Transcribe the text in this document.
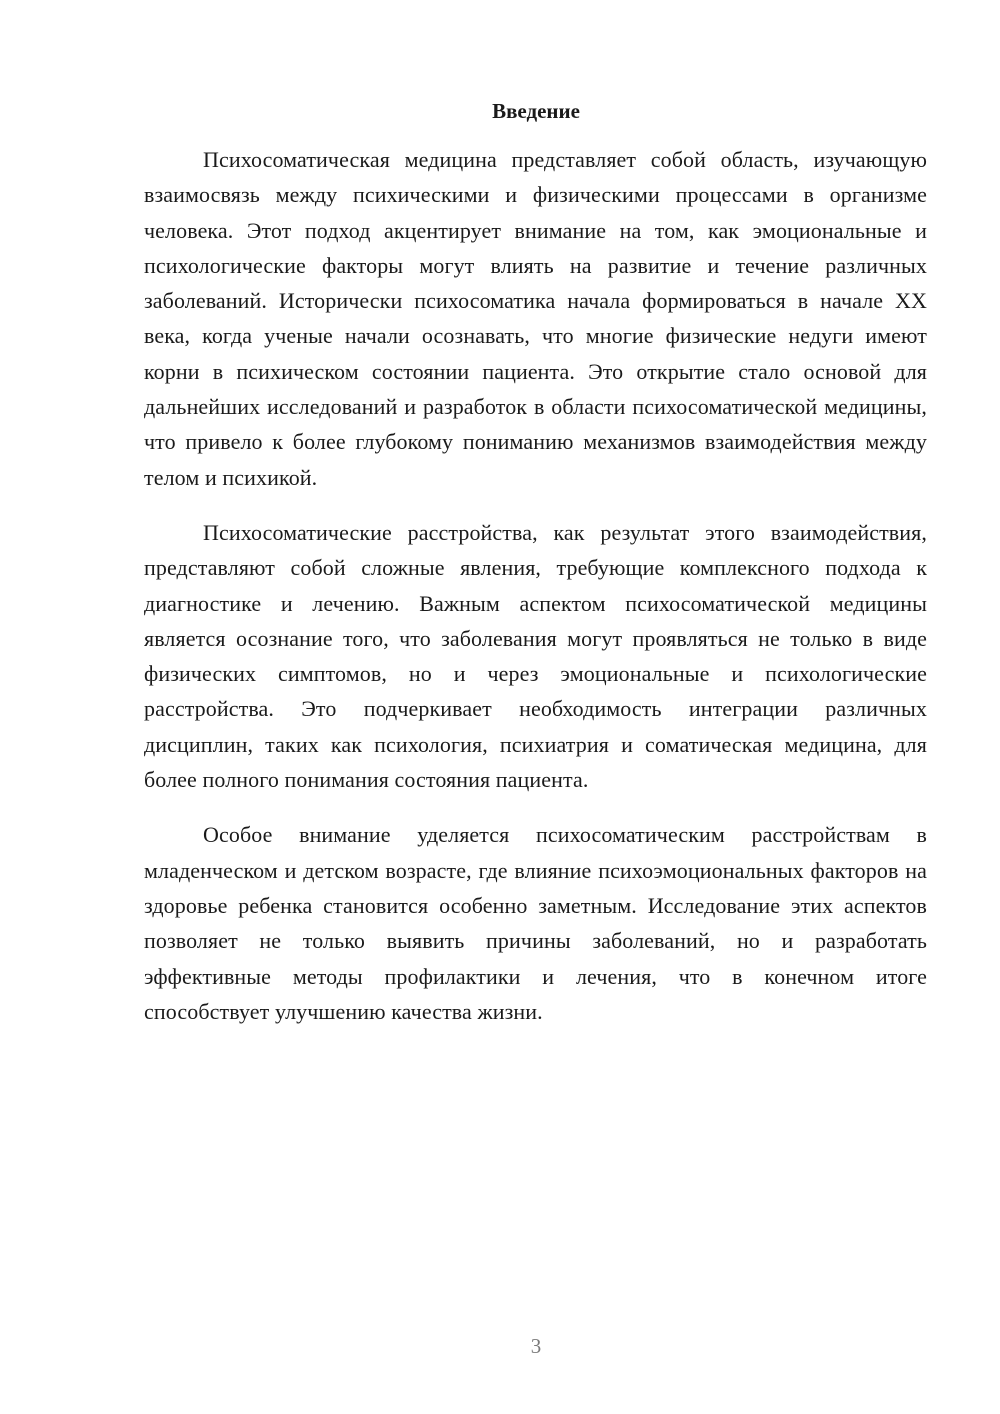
Введение

Психосоматическая медицина представляет собой область, изучающую взаимосвязь между психическими и физическими процессами в организме человека. Этот подход акцентирует внимание на том, как эмоциональные и психологические факторы могут влиять на развитие и течение различных заболеваний. Исторически психосоматика начала формироваться в начале XX века, когда ученые начали осознавать, что многие физические недуги имеют корни в психическом состоянии пациента. Это открытие стало основой для дальнейших исследований и разработок в области психосоматической медицины, что привело к более глубокому пониманию механизмов взаимодействия между телом и психикой.

Психосоматические расстройства, как результат этого взаимодействия, представляют собой сложные явления, требующие комплексного подхода к диагностике и лечению. Важным аспектом психосоматической медицины является осознание того, что заболевания могут проявляться не только в виде физических симптомов, но и через эмоциональные и психологические расстройства. Это подчеркивает необходимость интеграции различных дисциплин, таких как психология, психиатрия и соматическая медицина, для более полного понимания состояния пациента.

Особое внимание уделяется психосоматическим расстройствам в младенческом и детском возрасте, где влияние психоэмоциональных факторов на здоровье ребенка становится особенно заметным. Исследование этих аспектов позволяет не только выявить причины заболеваний, но и разработать эффективные методы профилактики и лечения, что в конечном итоге способствует улучшению качества жизни.

3
